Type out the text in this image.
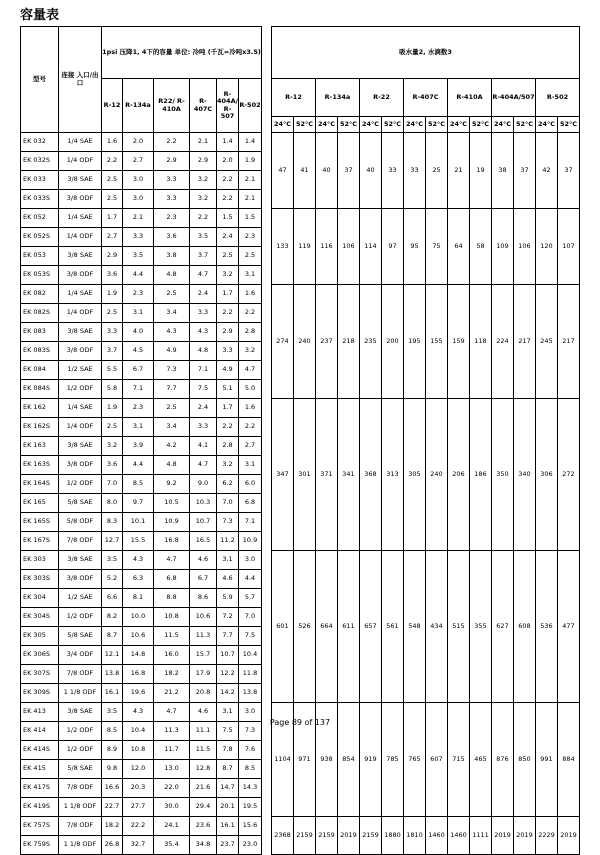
容量表
型号	连接 入口/出口	1psi 压降1, 4下的容量 单位: 冷吨 (千瓦=冷吨x3.5)							吸水量2, 水滴数3													
		R-12	R-134a	R22/ R-410A	R-407C	R-404A/ R-507	R-502		R-12		R-134a		R-22		R-407C		R-410A		R-404A/507		R-502	
									24°C	52°C	24°C	52°C	24°C	52°C	24°C	52°C	24°C	52°C	24°C	52°C	24°C	52°C
EK 032	1/4 SAE	1.6	2.0	2.2	2.1	1.4	1.4		47	41	40	37	40	33	33	25	21	19	38	37	42	37
EK 032S	1/4 ODF	2.2	2.7	2.9	2.9	2.0	1.9															
EK 033	3/8 SAE	2.5	3.0	3.3	3.2	2.2	2.1															
EK 033S	3/8 ODF	2.5	3.0	3.3	3.2	2.2	2.1															
EK 052	1/4 SAE	1.7	2.1	2.3	2.2	1.5	1.5		133	119	116	106	114	97	95	75	64	58	109	106	120	107
EK 052S	1/4 ODF	2.7	3.3	3.6	3.5	2.4	2.3															
EK 053	3/8 SAE	2.9	3.5	3.8	3.7	2.5	2.5															
EK 053S	3/8 ODF	3.6	4.4	4.8	4.7	3.2	3.1															
EK 082	1/4 SAE	1.9	2.3	2.5	2.4	1.7	1.6		274	240	237	218	235	200	195	155	159	118	224	217	245	217
EK 082S	1/4 ODF	2.5	3.1	3.4	3.3	2.2	2.2															
EK 083	3/8 SAE	3.3	4.0	4.3	4.3	2.9	2.8															
EK 083S	3/8 ODF	3.7	4.5	4.9	4.8	3.3	3.2															
EK 084	1/2 SAE	5.5	6.7	7.3	7.1	4.9	4.7															
EK 084S	1/2 ODF	5.8	7.1	7.7	7.5	5.1	5.0															
EK 162	1/4 SAE	1.9	2.3	2.5	2.4	1.7	1.6		347	301	371	341	368	313	305	240	206	186	350	340	306	272
EK 162S	1/4 ODF	2.5	3.1	3.4	3.3	2.2	2.2															
EK 163	3/8 SAE	3.2	3.9	4.2	4.1	2.8	2.7															
EK 163S	3/8 ODF	3.6	4.4	4.8	4.7	3.2	3.1															
EK 164S	1/2 ODF	7.0	8.5	9.2	9.0	6.2	6.0															
EK 165	5/8 SAE	8.0	9.7	10.5	10.3	7.0	6.8															
EK 165S	5/8 ODF	8.3	10.1	10.9	10.7	7.3	7.1															
EK 167S	7/8 ODF	12.7	15.5	16.8	16.5	11.2	10.9															
EK 303	3/8 SAE	3.5	4.3	4.7	4.6	3.1	3.0		601	526	664	611	657	561	548	434	515	355	627	608	536	477
EK 303S	3/8 ODF	5.2	6.3	6.8	6.7	4.6	4.4															
EK 304	1/2 SAE	6.6	8.1	8.8	8.6	5.9	5.7															
EK 304S	1/2 ODF	8.2	10.0	10.8	10.6	7.2	7.0															
EK 305	5/8 SAE	8.7	10.6	11.5	11.3	7.7	7.5															
EK 306S	3/4 ODF	12.1	14.8	16.0	15.7	10.7	10.4															
EK 307S	7/8 ODF	13.8	16.8	18.2	17.9	12.2	11.8															
EK 309S	1 1/8 ODF	16.1	19.6	21.2	20.8	14.2	13.8															
EK 413	3/8 SAE	3.5	4.3	4.7	4.6	3.1	3.0		1104	971	938	854	919	785	765	607	715	465	876	850	991	884
EK 414	1/2 ODF	8.5	10.4	11.3	11.1	7.5	7.3															
EK 414S	1/2 ODF	8.9	10.8	11.7	11.5	7.8	7.6															
EK 415	5/8 SAE	9.8	12.0	13.0	12.8	8.7	8.5															
EK 417S	7/8 ODF	16.6	20.3	22.0	21.6	14.7	14.3															
EK 419S	1 1/8 ODF	22.7	27.7	30.0	29.4	20.1	19.5															
EK 757S	7/8 ODF	18.2	22.2	24.1	23.6	16.1	15.6		2368	2159	2159	2019	2159	1880	1810	1460	1460	1111	2019	2019	2229	2019
EK 759S	1 1/8 ODF	26.8	32.7	35.4	34.8	23.7	23.0															
Page 89 of 137
